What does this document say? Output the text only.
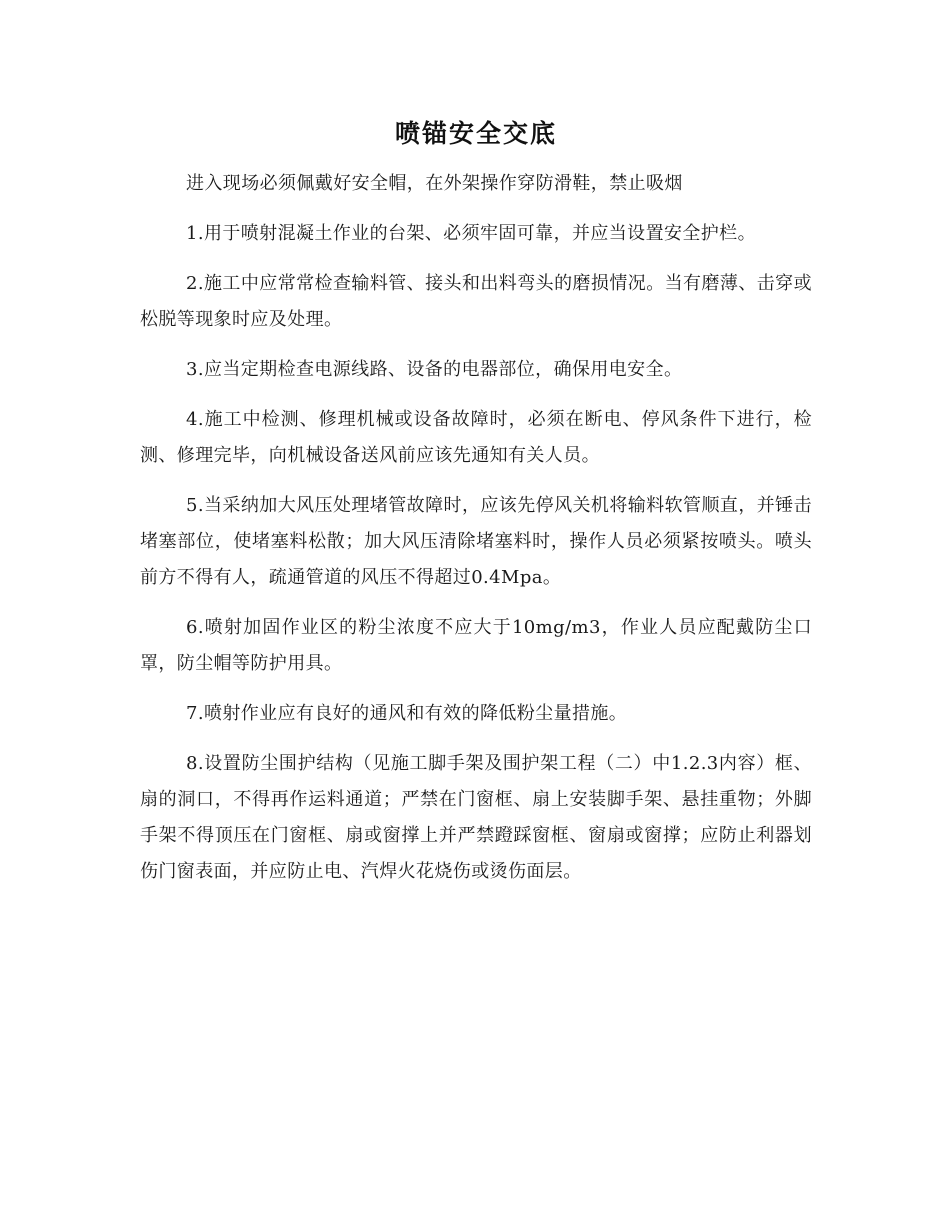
喷锚安全交底

进入现场必须佩戴好安全帽，在外架操作穿防滑鞋，禁止吸烟

1.用于喷射混凝土作业的台架、必须牢固可靠，并应当设置安全护栏。

2.施工中应常常检查输料管、接头和出料弯头的磨损情况。当有磨薄、击穿或松脱等现象时应及处理。

3.应当定期检查电源线路、设备的电器部位，确保用电安全。

4.施工中检测、修理机械或设备故障时，必须在断电、停风条件下进行，检测、修理完毕，向机械设备送风前应该先通知有关人员。

5.当采纳加大风压处理堵管故障时，应该先停风关机将输料软管顺直，并锤击堵塞部位，使堵塞料松散；加大风压清除堵塞料时，操作人员必须紧按喷头。喷头前方不得有人，疏通管道的风压不得超过0.4Mpa。

6.喷射加固作业区的粉尘浓度不应大于10mg/m3，作业人员应配戴防尘口罩，防尘帽等防护用具。

7.喷射作业应有良好的通风和有效的降低粉尘量措施。

8.设置防尘围护结构（见施工脚手架及围护架工程（二）中1.2.3内容）框、扇的洞口，不得再作运料通道；严禁在门窗框、扇上安装脚手架、悬挂重物；外脚手架不得顶压在门窗框、扇或窗撑上并严禁蹬踩窗框、窗扇或窗撑；应防止利器划伤门窗表面，并应防止电、汽焊火花烧伤或烫伤面层。
